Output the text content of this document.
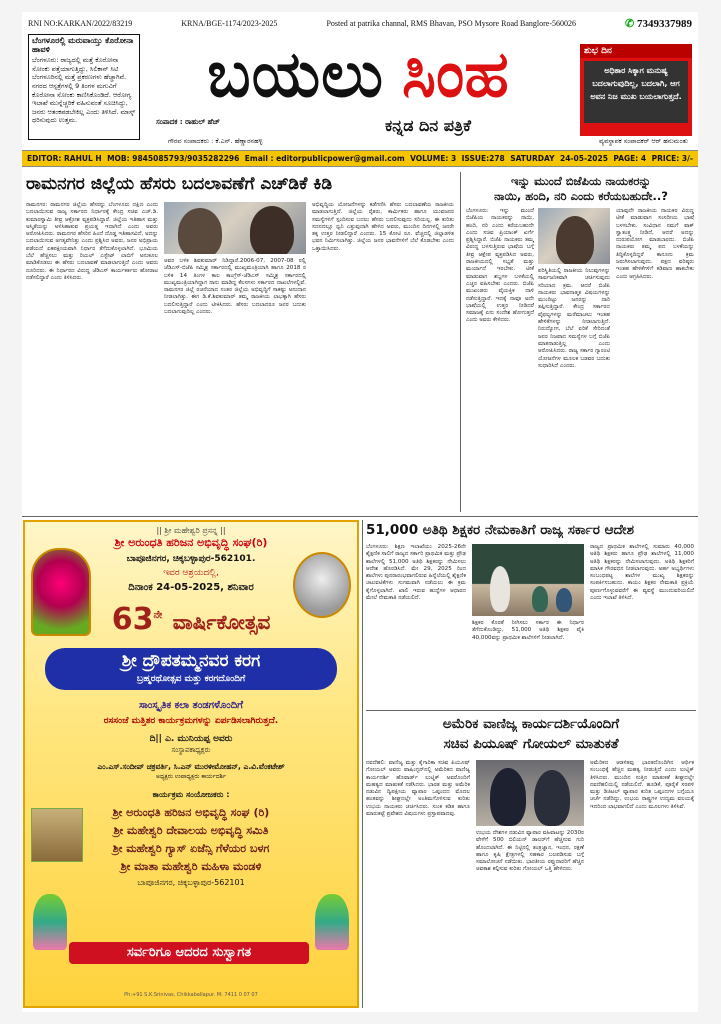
RNI NO:KARKAN/2022/83219	KRNA/BGE-1174/2023-2025	Posted at patrika channal, RMS Bhavan, PSO Mysore Road Banglore-560026	✆ 7349337989
ಬೆಂಗಳೂರಲ್ಲಿ ಮರುವಾಯ್ತು ಕೊರೋನಾ ಹಾವಳಿ
ಬೆಂಗಳೂರು: ರಾಜ್ಯದಲ್ಲಿ ಮತ್ತೆ ಕೊರೋನಾ ಸೋಂಕು ಪತ್ತೆಯಾಗುತ್ತಿದ್ದು, ಸಿಲಿಕಾನ್ ಸಿಟಿ ಬೆಂಗಳೂರಿನಲ್ಲಿ ಮತ್ತೆ ಪ್ರಕರಣಗಳು ಹೆಚ್ಚಾಗಿವೆ. ನಗರದ ಆಸ್ಪತ್ರೆಗಳಲ್ಲಿ 9 ತಿಂಗಳ ಮಗುವಿಗೆ ಕೊರೋನಾ ಸೋಂಕು ಕಾಣಿಸಿಕೊಂಡಿದೆ. ಆರೋಗ್ಯ ಇಲಾಖೆ ಮುನ್ನೆಚ್ಚರಿಕೆ ವಹಿಸುವಂತೆ ಸೂಚಿಸಿದ್ದು, ಜನರು ಆತಂಕಪಡಬೇಕಿಲ್ಲ ಎಂದು ತಿಳಿಸಿದೆ. ಮಾಸ್ಕ್ ಧರಿಸುವುದು ಉತ್ತಮ.
ಬಯಲು ಸಿಂಹ
ಸಂಪಾದಕ : ರಾಹುಲ್ ಹೆಚ್	ಕನ್ನಡ ದಿನ ಪತ್ರಿಕೆ
ಗೌರವ ಸಂಪಾದಕರು : ಕೆ.ಎನ್. ಹೆಣ್ಣಾರನಹಳ್ಳಿ	ವ್ಯವಸ್ಥಾಪಕ ಸಂಪಾದಕರ್ ಆರ್ ಹನುಮಂತು
ಶುಭ ದಿನ
ಅಧಿಕಾರ ಸಿಕ್ಕಾಗ ಮನುಷ್ಯ ಬದಲಾಗುವುದಿಲ್ಲ, ಬದಲಾಗಿ, ಆಗ ಅವನ ನಿಜ ಮುಖ ಬಯಲಾಗುತ್ತದೆ.
EDITOR: RAHUL H MOB: 9845085793/9035282296 Email : editorpublicpower@gmail.com VOLUME: 3 ISSUE:278 SATURDAY 24-05-2025 PAGE: 4 PRICE: 3/-
ರಾಮನಗರ ಜಿಲ್ಲೆಯ ಹೆಸರು ಬದಲಾವಣೆಗೆ ಎಚ್‌ಡಿಕೆ ಕಿಡಿ
ರಾಮನಗರ: ರಾಮನಗರ ಜಿಲ್ಲೆಯ ಹೆಸರನ್ನು ಬೆಂಗಳೂರು ದಕ್ಷಿಣ ಎಂದು ಬದಲಾಯಿಸುವ ರಾಜ್ಯ ಸರ್ಕಾರದ ನಿರ್ಧಾರಕ್ಕೆ ಕೇಂದ್ರ ಸಚಿವ ಎಚ್.ಡಿ. ಕುಮಾರಸ್ವಾಮಿ ತೀವ್ರ ಆಕ್ರೋಶ ವ್ಯಕ್ತಪಡಿಸಿದ್ದಾರೆ. ಜಿಲ್ಲೆಯ ಇತಿಹಾಸ ಮತ್ತು ಅಸ್ಮಿತೆಯನ್ನು ಅಳಿಸಿಹಾಕುವ ಪ್ರಯತ್ನ ಇದಾಗಿದೆ ಎಂದು ಅವರು ಆರೋಪಿಸಿದರು. ರಾಮನಗರ ಹೆಸರಿನ ಹಿಂದೆ ದೊಡ್ಡ ಇತಿಹಾಸವಿದೆ, ಅದನ್ನು ಬದಲಾಯಿಸುವ ಅಗತ್ಯವೇನಿತ್ತು ಎಂದು ಪ್ರಶ್ನಿಸಿದ ಅವರು, ಜನರ ಅಭಿಪ್ರಾಯ ಪಡೆಯದೆ ಏಕಪಕ್ಷೀಯವಾಗಿ ನಿರ್ಧಾರ ತೆಗೆದುಕೊಳ್ಳಲಾಗಿದೆ. ಭೂಮಿಯ ಬೆಲೆ ಹೆಚ್ಚಿಸಲು ಮತ್ತು ರಿಯಲ್ ಎಸ್ಟೇಟ್ ಲಾಬಿಗೆ ಅನುಕೂಲ ಮಾಡಿಕೊಡಲು ಈ ಹೆಸರು ಬದಲಾವಣೆ ಮಾಡಲಾಗುತ್ತಿದೆ ಎಂದು ಅವರು ದೂರಿದರು. ಈ ನಿರ್ಧಾರದ ವಿರುದ್ಧ ಜೆಡಿಎಸ್ ಕಾರ್ಯಕರ್ತರು ಹೋರಾಟ ನಡೆಸಲಿದ್ದಾರೆ ಎಂದು ತಿಳಿಸಿದರು.
ಅವರ ಬಳಿಕ ಶಿವಕುಮಾರ್ ನಿಡಿದ್ದಾರೆ.2006-07, 2007-08 ರಲ್ಲಿ ಜೆಡಿಎಸ್-ಬಿಜೆಪಿ ಸಮ್ಮಿಶ್ರ ಸರ್ಕಾರದಲ್ಲಿ ಮುಖ್ಯಮಂತ್ರಿಯಾಗಿ ಹಾಗೂ 2018 ರ ಬಳಿಕ 14 ತಿಂಗಳ ಕಾಲ ಕಾಂಗ್ರೆಸ್-ಜೆಡಿಎಸ್ ಸಮ್ಮಿಶ್ರ ಸರ್ಕಾರದಲ್ಲಿ ಮುಖ್ಯಮಂತ್ರಿಯಾಗಿದ್ದಾಗ ನಾನು ಮಾಡಿದ್ದ ಕೆಲಸಗಳು ಸರ್ಕಾರದ ದಾಖಲೆಗಳಲ್ಲಿವೆ. ರಾಮನಗರ ಜಿಲ್ಲೆ ರಚನೆಯಾದ ನಂತರ ಜಿಲ್ಲೆಯ ಅಭಿವೃದ್ಧಿಗೆ ಸಾಕಷ್ಟು ಅನುದಾನ ನೀಡಲಾಗಿತ್ತು. ಈಗ ಡಿ.ಕೆ.ಶಿವಕುಮಾರ್ ತಮ್ಮ ರಾಜಕೀಯ ಲಾಭಕ್ಕಾಗಿ ಹೆಸರು ಬದಲಿಸುತ್ತಿದ್ದಾರೆ ಎಂದು ಟೀಕಿಸಿದರು. ಹೆಸರು ಬದಲಾದರೂ ಜನರ ಬದುಕು ಬದಲಾಗುವುದಿಲ್ಲ ಎಂದರು.
ಅಭಿವೃದ್ಧಿಯ ಯೋಜನೆಗಳನ್ನು ಕಡೆಗಣಿಸಿ ಹೆಸರು ಬದಲಾವಣೆಯ ರಾಜಕೀಯ ಮಾಡಲಾಗುತ್ತಿದೆ. ಜಿಲ್ಲೆಯ ರೈತರು, ಕಾರ್ಮಿಕರು ಹಾಗೂ ಯುವಜನರ ಸಮಸ್ಯೆಗಳಿಗೆ ಸ್ಪಂದಿಸುವ ಬದಲು ಹೆಸರು ಬದಲಿಸುವುದು ಸರಿಯಲ್ಲ. ಈ ಕುರಿತು ಸದನದಲ್ಲೂ ಧ್ವನಿ ಎತ್ತುವುದಾಗಿ ಹೇಳಿದ ಅವರು, ಮುಂದಿನ ದಿನಗಳಲ್ಲಿ ಜನರೇ ತಕ್ಕ ಉತ್ತರ ನೀಡಲಿದ್ದಾರೆ ಎಂದರು. 15 ಕೋಟಿ ರೂ. ವೆಚ್ಚದಲ್ಲಿ ಜಿಲ್ಲಾಡಳಿತ ಭವನ ನಿರ್ಮಿಸಲಾಗಿತ್ತು. ಜಿಲ್ಲೆಯ ಜನರ ಭಾವನೆಗಳಿಗೆ ಬೆಲೆ ಕೊಡಬೇಕು ಎಂದು ಒತ್ತಾಯಿಸಿದರು.
ಇನ್ನು ಮುಂದೆ ಬಿಜೆಪಿಯ ನಾಯಕರನ್ನು
ನಾಯಿ, ಹಂದಿ, ನರಿ ಎಂದು ಕರೆಯಬಹುದೇ..?
ಬೆಂಗಳೂರು: ಇನ್ನು ಮುಂದೆ ಬಿಜೆಪಿಯ ನಾಯಕರನ್ನು ನಾಯಿ, ಹಂದಿ, ನರಿ ಎಂದು ಕರೆಯಬಹುದೇ ಎಂದು ಸಚಿವ ಪ್ರಿಯಾಂಕ್ ಖರ್ಗೆ ಪ್ರಶ್ನಿಸಿದ್ದಾರೆ. ಬಿಜೆಪಿ ನಾಯಕರು ತಮ್ಮ ವಿರುದ್ಧ ಬಳಸುತ್ತಿರುವ ಭಾಷೆಯ ಬಗ್ಗೆ ತೀವ್ರ ಆಕ್ಷೇಪ ವ್ಯಕ್ತಪಡಿಸಿದ ಅವರು, ರಾಜಕೀಯದಲ್ಲಿ ಸಭ್ಯತೆ ಮತ್ತು ಮರ್ಯಾದೆ ಇರಬೇಕು. ಟೀಕೆ ಮಾಡುವಾಗ ಶಬ್ದಗಳ ಬಳಕೆಯಲ್ಲಿ ಎಚ್ಚರ ವಹಿಸಬೇಕು ಎಂದರು. ಬಿಜೆಪಿ ಮುಖಂಡರು ವೈಯಕ್ತಿಕ ದಾಳಿ ನಡೆಸುತ್ತಿದ್ದಾರೆ. ಇದಕ್ಕೆ ನಾವೂ ಅದೇ ಭಾಷೆಯಲ್ಲಿ ಉತ್ತರ ನೀಡಿದರೆ ಸಮಾಜಕ್ಕೆ ಏನು ಸಂದೇಶ ಹೋಗುತ್ತದೆ ಎಂದು ಅವರು ಕೇಳಿದರು.
ಪರಿಸ್ಥಿತಿಯಲ್ಲಿ ರಾಜಕೀಯ ನಿಲುವುಗಳನ್ನು ಸಾರ್ವಜನಿಕವಾಗಿ ಚರ್ಚಿಸುವುದು ಸರಿಯಾದ ಕ್ರಮ. ಆದರೆ ಬಿಜೆಪಿ ನಾಯಕರು ಭಾವನಾತ್ಮಕ ವಿಷಯಗಳನ್ನು ಮುಂದಿಟ್ಟು ಜನರನ್ನು ದಾರಿ ತಪ್ಪಿಸುತ್ತಿದ್ದಾರೆ. ಕೇಂದ್ರ ಸರ್ಕಾರದ ವೈಫಲ್ಯಗಳನ್ನು ಮರೆಮಾಚಲು ಇಂತಹ ಹೇಳಿಕೆಗಳನ್ನು ನೀಡಲಾಗುತ್ತಿದೆ. ನಿರುದ್ಯೋಗ, ಬೆಲೆ ಏರಿಕೆ ಸೇರಿದಂತೆ ಜನರ ನಿಜವಾದ ಸಮಸ್ಯೆಗಳ ಬಗ್ಗೆ ಬಿಜೆಪಿ ಮಾತನಾಡುತ್ತಿಲ್ಲ ಎಂದು ಆರೋಪಿಸಿದರು. ರಾಜ್ಯ ಸರ್ಕಾರ ಗ್ಯಾರಂಟಿ ಯೋಜನೆಗಳ ಮೂಲಕ ಬಡವರ ಬದುಕು ಸುಧಾರಿಸಿದೆ ಎಂದರು.
ಯಾವುದೇ ರಾಜಕೀಯ ನಾಯಕರ ವಿರುದ್ಧ ಟೀಕೆ ಮಾಡುವಾಗ ಸಂಸದೀಯ ಭಾಷೆ ಬಳಸಬೇಕು. ಸಂವಿಧಾನ ನಮಗೆ ವಾಕ್ ಸ್ವಾತಂತ್ರ್ಯ ನೀಡಿದೆ, ಆದರೆ ಅದನ್ನು ದುರುಪಯೋಗ ಮಾಡಬಾರದು. ಬಿಜೆಪಿ ನಾಯಕರು ತಮ್ಮ ಪದ ಬಳಕೆಯನ್ನು ತಿದ್ದಿಕೊಳ್ಳದಿದ್ದರೆ ಕಾನೂನು ಕ್ರಮ ಜರುಗಿಸಲಾಗುವುದು. ಪಕ್ಷದ ವರಿಷ್ಠರು ಇಂತಹ ಹೇಳಿಕೆಗಳಿಗೆ ಕಡಿವಾಣ ಹಾಕಬೇಕು ಎಂದು ಆಗ್ರಹಿಸಿದರು.
|| ಶ್ರೀ ಮಹೇಶ್ವರಿ ಪ್ರಸನ್ನ ||
ಶ್ರೀ ಅರುಂಧತಿ ಹರಿಜನ ಅಭಿವೃದ್ಧಿ ಸಂಘ(ರಿ)
ಬಾಪೂಜಿನಗರ, ಚಿಕ್ಕಬಳ್ಳಾಪುರ-562101.
ಇವರ ಆಶ್ರಯದಲ್ಲಿ,
ದಿನಾಂಕ 24-05-2025, ಶನಿವಾರ
$63^{ನೇ}$ ವಾರ್ಷಿಕೋತ್ಸವ
ಶ್ರೀ ದ್ರೌಪತಮ್ಮನವರ ಕರಗ
ಬ್ರಹ್ಮರಥೋತ್ಸವ ಮತ್ತು ಕರಗದೊಂದಿಗೆ
ಸಾಂಸ್ಕೃತಿಕ ಕಲಾ ತಂಡಗಳೊಂದಿಗೆ
ರಸಸಂಜೆ ಮತ್ತಿತರ ಕಾರ್ಯಕ್ರಮಗಳನ್ನು ಏರ್ಪಡಿಸಲಾಗಿರುತ್ತದೆ.
ದಿ|| ಎ. ಮುನಿಯಪ್ಪ ಅವರು
ಸಂಸ್ಥಾಪಕಾಧ್ಯಕ್ಷರು
ಎಂ.ಎಸ್.ಸಂದೀಪ್ ಚಕ್ರವರ್ತಿ, ಸಿ.ಎನ್ ಮುರಳೀಮೋಹನ್, ಎ.ವಿ.ವೆಂಕಟೇಶ್
ಅಧ್ಯಕ್ಷರು ಉಪಾಧ್ಯಕ್ಷರು ಕಾರ್ಯದರ್ಶಿ
ಕಾರ್ಯಕ್ರಮ ಸಂಯೋಜಕರು :
ಶ್ರೀ ಅರುಂಧತಿ ಹರಿಜನ ಅಭಿವೃದ್ಧಿ ಸಂಘ (ರಿ)
ಶ್ರೀ ಮಹೇಶ್ವರಿ ದೇವಾಲಯ ಅಭಿವೃದ್ಧಿ ಸಮಿತಿ
ಶ್ರೀ ಮಹೇಶ್ವರಿ ಗ್ಯಾಸ್ ಏಜೆನ್ಸಿ ಗೆಳೆಯರ ಬಳಗ
ಶ್ರೀ ಮಾತಾ ಮಹೇಶ್ವರಿ ಮಹಿಳಾ ಮಂಡಳಿ
ಬಾಪೂಜಿನಗರ, ಚಿಕ್ಕಬಳ್ಳಾಪುರ-562101
ಸರ್ವರಿಗೂ ಆದರದ ಸುಸ್ವಾಗತ
Ph:+91 S.K.Srinivas, Chikkaballapur. M: 7411 0 07 07
51,000 ಅತಿಥಿ ಶಿಕ್ಷಕರ ನೇಮಕಾತಿಗೆ ರಾಜ್ಯ ಸರ್ಕಾರ ಆದೇಶ
ಬೆಂಗಳೂರು: ಶಿಕ್ಷಣ ಇಲಾಖೆಯು 2025-26ನೇ ಶೈಕ್ಷಣಿಕ ಸಾಲಿಗೆ ರಾಜ್ಯದ ಸರ್ಕಾರಿ ಪ್ರಾಥಮಿಕ ಮತ್ತು ಪ್ರೌಢ ಶಾಲೆಗಳಲ್ಲಿ 51,000 ಅತಿಥಿ ಶಿಕ್ಷಕರನ್ನು ನೇಮಿಸಲು ಆದೇಶ ಹೊರಡಿಸಿದೆ. ಮೇ 29, 2025 ರಿಂದ ಶಾಲೆಗಳು ಪುನರಾರಂಭವಾಗಲಿರುವ ಹಿನ್ನೆಲೆಯಲ್ಲಿ ಶೈಕ್ಷಣಿಕ ಚಟುವಟಿಕೆಗಳು ಸುಗಮವಾಗಿ ನಡೆಯಲು ಈ ಕ್ರಮ ಕೈಗೊಳ್ಳಲಾಗಿದೆ. ಖಾಲಿ ಇರುವ ಹುದ್ದೆಗಳ ಆಧಾರದ ಮೇಲೆ ನೇಮಕಾತಿ ನಡೆಯಲಿದೆ.
ಶಿಕ್ಷಕರ ಕೊರತೆ ನೀಗಿಸಲು ಸರ್ಕಾರ ಈ ನಿರ್ಧಾರ ತೆಗೆದುಕೊಂಡಿದ್ದು, 51,000 ಅತಿಥಿ ಶಿಕ್ಷಕರ ಪೈಕಿ 40,000ವನ್ನು ಪ್ರಾಥಮಿಕ ಶಾಲೆಗಳಿಗೆ ನೀಡಲಾಗಿದೆ.
ರಾಜ್ಯದ ಪ್ರಾಥಮಿಕ ಶಾಲೆಗಳಲ್ಲಿ ಸುಮಾರು 40,000 ಅತಿಥಿ ಶಿಕ್ಷಕರು ಹಾಗೂ ಪ್ರೌಢ ಶಾಲೆಗಳಲ್ಲಿ 11,000 ಅತಿಥಿ ಶಿಕ್ಷಕರನ್ನು ನೇಮಿಸಲಾಗುವುದು. ಅತಿಥಿ ಶಿಕ್ಷಕರಿಗೆ ಮಾಸಿಕ ಗೌರವಧನ ನೀಡಲಾಗುವುದು. ಅರ್ಹ ಅಭ್ಯರ್ಥಿಗಳು ಸಂಬಂಧಪಟ್ಟ ಶಾಲೆಗಳ ಮುಖ್ಯ ಶಿಕ್ಷಕರನ್ನು ಸಂಪರ್ಕಿಸಬಹುದು. ಕಾಯಂ ಶಿಕ್ಷಕರ ನೇಮಕಾತಿ ಪ್ರಕ್ರಿಯೆ ಪೂರ್ಣಗೊಳ್ಳುವವರೆಗೆ ಈ ವ್ಯವಸ್ಥೆ ಮುಂದುವರಿಯಲಿದೆ ಎಂದು ಇಲಾಖೆ ತಿಳಿಸಿದೆ.
ಅಮೆರಿಕ ವಾಣಿಜ್ಯ ಕಾರ್ಯದರ್ಶಿಯೊಂದಿಗೆ
ಸಚಿವ ಪಿಯೂಷ್ ಗೋಯಲ್ ಮಾತುಕತೆ
ನವದೆಹಲಿ: ವಾಣಿಜ್ಯ ಮತ್ತು ಕೈಗಾರಿಕಾ ಸಚಿವ ಪಿಯೂಷ್ ಗೋಯಲ್ ಅವರು ವಾಷಿಂಗ್ಟನ್‌ನಲ್ಲಿ ಅಮೆರಿಕದ ವಾಣಿಜ್ಯ ಕಾರ್ಯದರ್ಶಿ ಹೊವಾರ್ಡ್ ಲುಟ್ನಿಕ್ ಅವರೊಂದಿಗೆ ಮಹತ್ವದ ಮಾತುಕತೆ ನಡೆಸಿದರು. ಭಾರತ ಮತ್ತು ಅಮೆರಿಕ ನಡುವಿನ ದ್ವಿಪಕ್ಷೀಯ ವ್ಯಾಪಾರ ಒಪ್ಪಂದದ ಮೊದಲ ಹಂತವನ್ನು ಶೀಘ್ರದಲ್ಲೇ ಅಂತಿಮಗೊಳಿಸುವ ಕುರಿತು ಉಭಯ ನಾಯಕರು ಚರ್ಚಿಸಿದರು. ಸುಂಕ ಕಡಿತ ಹಾಗೂ ಮಾರುಕಟ್ಟೆ ಪ್ರವೇಶದ ವಿಷಯಗಳು ಪ್ರಸ್ತಾಪವಾದವು.
ಉಭಯ ದೇಶಗಳ ನಡುವಿನ ವ್ಯಾಪಾರ ವಹಿವಾಟನ್ನು 2030ರ ವೇಳೆಗೆ 500 ಬಿಲಿಯನ್ ಡಾಲರ್‌ಗೆ ಹೆಚ್ಚಿಸುವ ಗುರಿ ಹೊಂದಲಾಗಿದೆ. ಈ ನಿಟ್ಟಿನಲ್ಲಿ ತಂತ್ರಜ್ಞಾನ, ಇಂಧನ, ರಕ್ಷಣೆ ಹಾಗೂ ಕೃಷಿ ಕ್ಷೇತ್ರಗಳಲ್ಲಿ ಸಹಕಾರ ಬಲಪಡಿಸುವ ಬಗ್ಗೆ ಸಮಾಲೋಚನೆ ನಡೆಯಿತು. ಭಾರತೀಯ ರಫ್ತುದಾರರಿಗೆ ಹೆಚ್ಚಿನ ಅವಕಾಶ ಕಲ್ಪಿಸುವ ಕುರಿತು ಗೋಯಲ್ ಒತ್ತಿ ಹೇಳಿದರು.
ಅಮೆರಿಕದ ಆಡಳಿತವು ಭಾರತದೊಂದಿಗಿನ ಆರ್ಥಿಕ ಸಂಬಂಧಕ್ಕೆ ಹೆಚ್ಚಿನ ಮಹತ್ವ ನೀಡುತ್ತಿದೆ ಎಂದು ಲುಟ್ನಿಕ್ ತಿಳಿಸಿದರು. ಮುಂದಿನ ಸುತ್ತಿನ ಮಾತುಕತೆ ಶೀಘ್ರದಲ್ಲೇ ನವದೆಹಲಿಯಲ್ಲಿ ನಡೆಯಲಿದೆ. ಹೂಡಿಕೆ, ಪೂರೈಕೆ ಸರಪಳಿ ಮತ್ತು ಡಿಜಿಟಲ್ ವ್ಯಾಪಾರ ಕುರಿತ ಒಪ್ಪಂದಗಳ ಬಗ್ಗೆಯೂ ಚರ್ಚೆ ನಡೆದಿದ್ದು, ಉಭಯ ರಾಷ್ಟ್ರಗಳ ಉದ್ಯಮ ವಲಯಕ್ಕೆ ಇದರಿಂದ ಲಾಭವಾಗಲಿದೆ ಎಂದು ಮೂಲಗಳು ತಿಳಿಸಿವೆ.
